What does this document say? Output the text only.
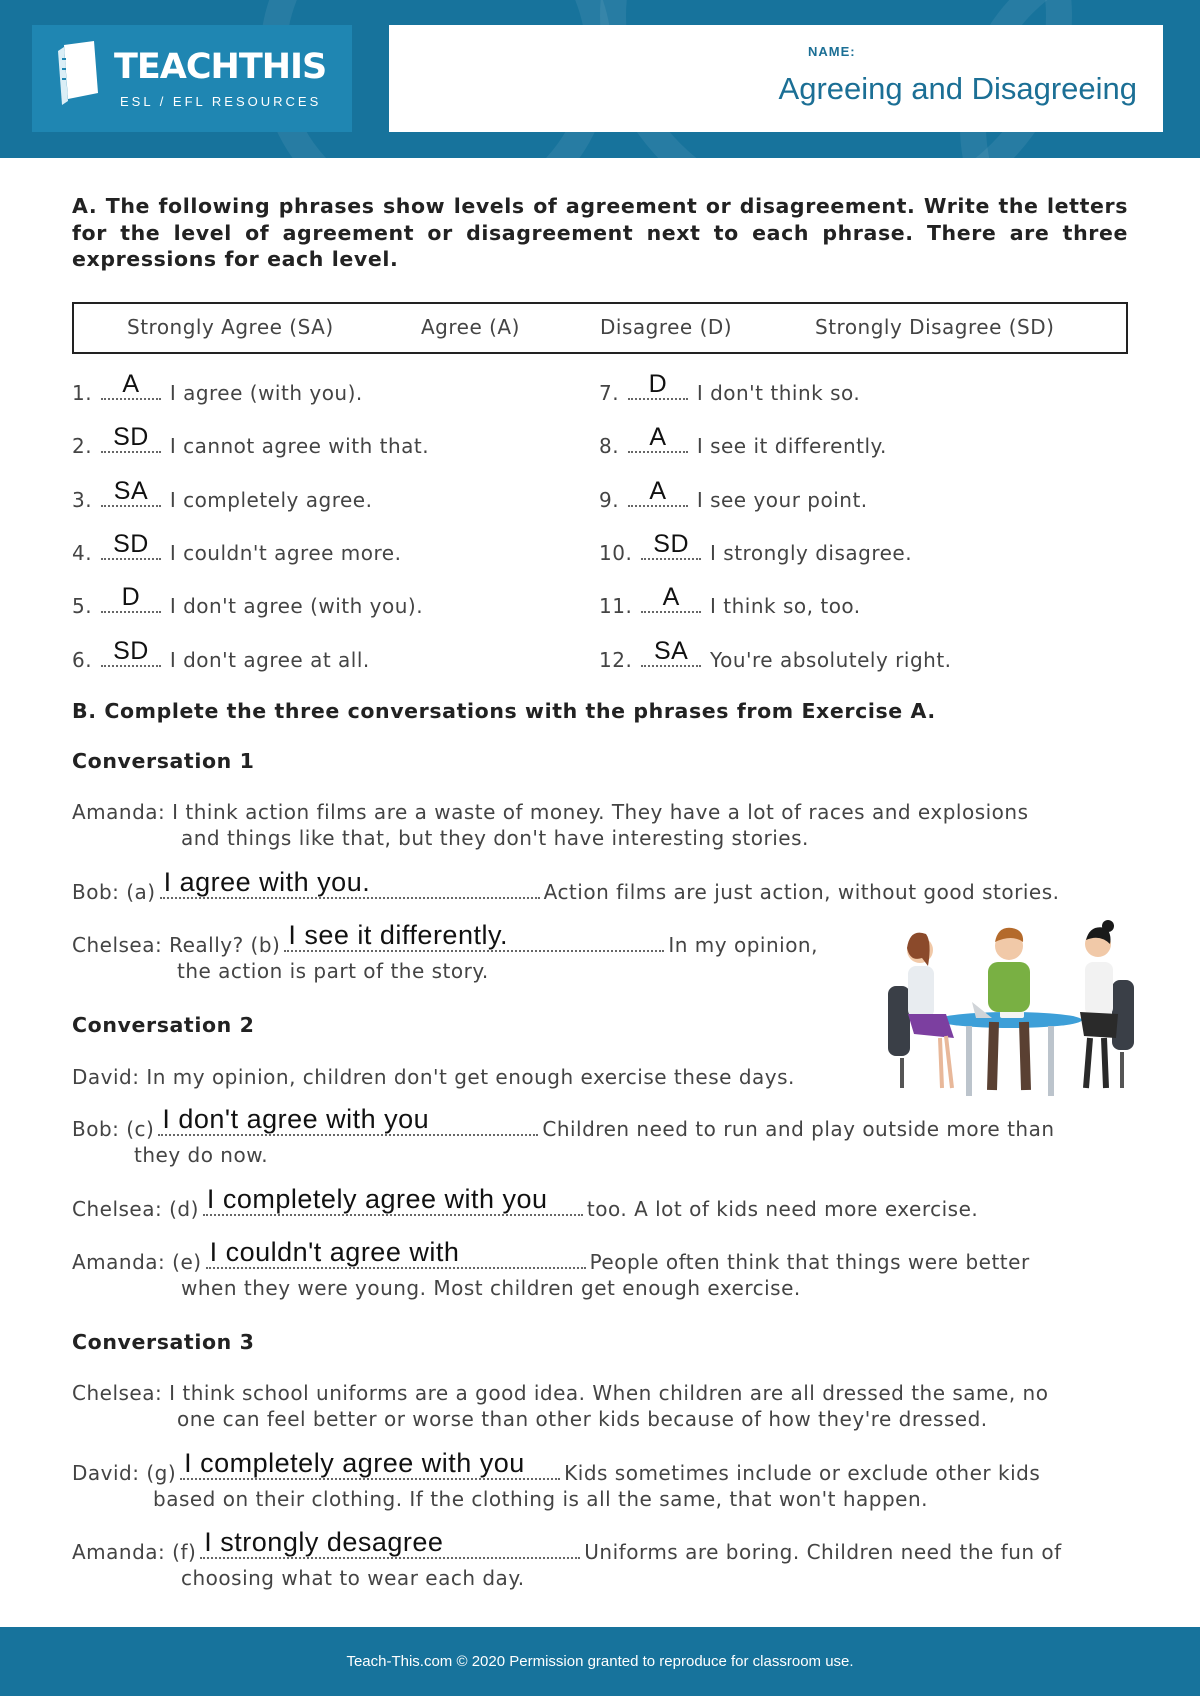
TEACHTHIS
ESL / EFL RESOURCES
NAME:
Agreeing and Disagreeing
A. The following phrases show levels of agreement or disagreement. Write the letters for the level of agreement or disagreement next to each phrase. There are three expressions for each level.
Strongly Agree (SA)	Agree (A)	Disagree (D)	Strongly Disagree (SD)
1.	A	I agree (with you).
2. SD	I cannot agree with that.
3. SA	I completely agree.
4. SD	I couldn't agree more.
5.	D	I don't agree (with you).
6. SD	I don't agree at all.
7.	D	I don't think so.
8.	A	I see it differently.
9.	A	I see your point.
10. SD	I strongly disagree.
11.	A	I think so, too.
12. SA	You're absolutely right.
B. Complete the three conversations with the phrases from Exercise A.
Conversation 1
Amanda: I think action films are a waste of money. They have a lot of races and explosions
and things like that, but they don't have interesting stories.
Bob: (a) I agree with you.	Action films are just action, without good stories.
Chelsea: Really? (b) I see it differently.	In my opinion,
the action is part of the story.
Conversation 2
David: In my opinion, children don't get enough exercise these days.
Bob: (c) I don't agree with you	Children need to run and play outside more than
they do now.
Chelsea: (d) I completely agree with you too. A lot of kids need more exercise.
Amanda: (e) I couldn't agree with	People often think that things were better
when they were young. Most children get enough exercise.
Conversation 3
Chelsea: I think school uniforms are a good idea. When children are all dressed the same, no
one can feel better or worse than other kids because of how they're dressed.
David: (g) I completely agree with you Kids sometimes include or exclude other kids
based on their clothing. If the clothing is all the same, that won't happen.
Amanda: (f) I strongly desagree	Uniforms are boring. Children need the fun of
choosing what to wear each day.
Teach-This.com © 2020 Permission granted to reproduce for classroom use.
